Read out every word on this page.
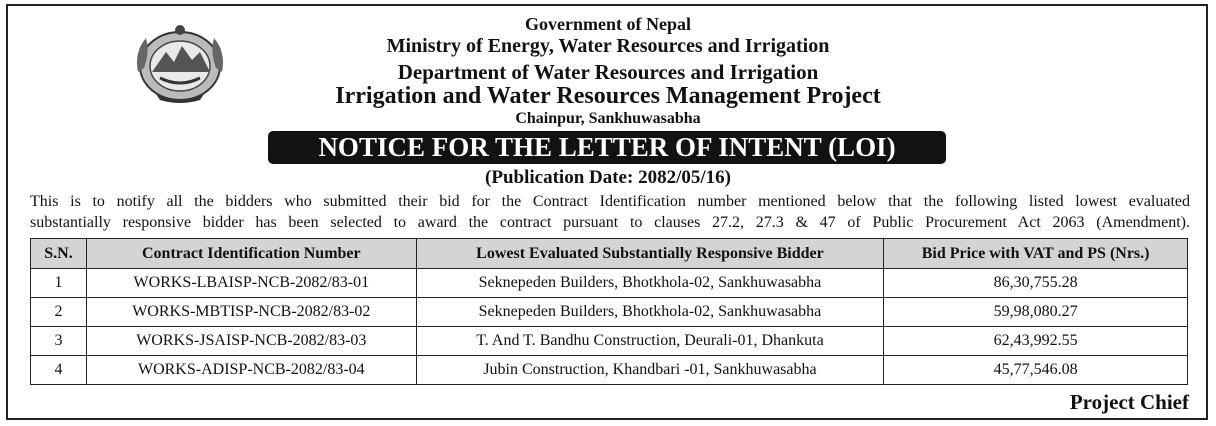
Government of Nepal
Ministry of Energy, Water Resources and Irrigation
Department of Water Resources and Irrigation
Irrigation and Water Resources Management Project
Chainpur, Sankhuwasabha
NOTICE FOR THE LETTER OF INTENT (LOI)
(Publication Date: 2082/05/16)
This is to notify all the bidders who submitted their bid for the Contract Identification number mentioned below that the following listed lowest evaluated
substantially responsive bidder has been selected to award the contract pursuant to clauses 27.2, 27.3 & 47 of Public Procurement Act 2063 (Amendment).
S.N.	Contract Identification Number	Lowest Evaluated Substantially Responsive Bidder	Bid Price with VAT and PS (Nrs.)
1	WORKS-LBAISP-NCB-2082/83-01	Seknepeden Builders, Bhotkhola-02, Sankhuwasabha	86,30,755.28
2	WORKS-MBTISP-NCB-2082/83-02	Seknepeden Builders, Bhotkhola-02, Sankhuwasabha	59,98,080.27
3	WORKS-JSAISP-NCB-2082/83-03	T. And T. Bandhu Construction, Deurali-01, Dhankuta	62,43,992.55
4	WORKS-ADISP-NCB-2082/83-04	Jubin Construction, Khandbari -01, Sankhuwasabha	45,77,546.08
Project Chief
